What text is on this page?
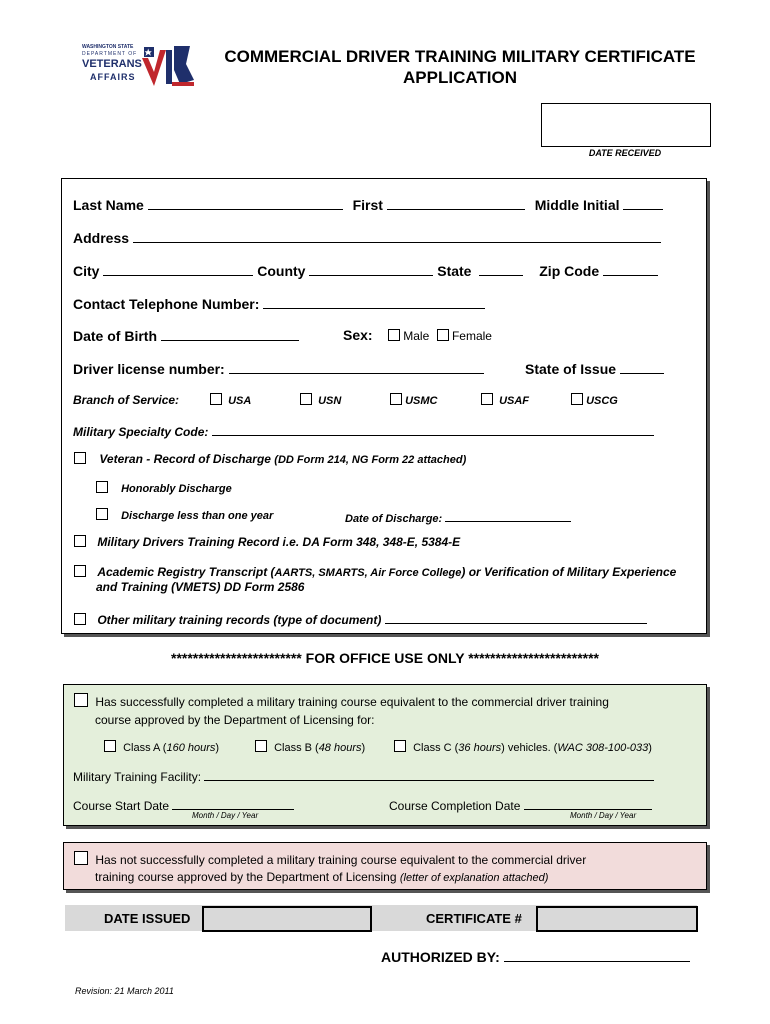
WASHINGTON STATE
DEPARTMENT OF
VETERANS
AFFAIRS
COMMERCIAL DRIVER TRAINING MILITARY CERTIFICATE
APPLICATION
DATE RECEIVED
Last Name	First	Middle Initial
Address
City	County	State	Zip Code
Contact Telephone Number:
Date of Birth	Sex:	Male Female
Driver license number:	State of Issue
Branch of Service:	USA	USN	USMC	USAF	USCG
Military Specialty Code:
Veteran - Record of Discharge (DD Form 214, NG Form 22 attached)
Honorably Discharge
Discharge less than one year	Date of Discharge:
Military Drivers Training Record i.e. DA Form 348, 348-E, 5384-E
Academic Registry Transcript (AARTS, SMARTS, Air Force College) or Verification of Military Experience
and Training (VMETS) DD Form 2586
Other military training records (type of document)
************************ FOR OFFICE USE ONLY ************************
Has successfully completed a military training course equivalent to the commercial driver training
course approved by the Department of Licensing for:
Class A (160 hours)	Class B (48 hours)	Class C (36 hours) vehicles. (WAC 308-100-033)
Military Training Facility:
Course Start Date
Month / Day / Year
Course Completion Date
Month / Day / Year
Has not successfully completed a military training course equivalent to the commercial driver
training course approved by the Department of Licensing (letter of explanation attached)
DATE ISSUED	CERTIFICATE #
AUTHORIZED BY:
Revision: 21 March 2011
